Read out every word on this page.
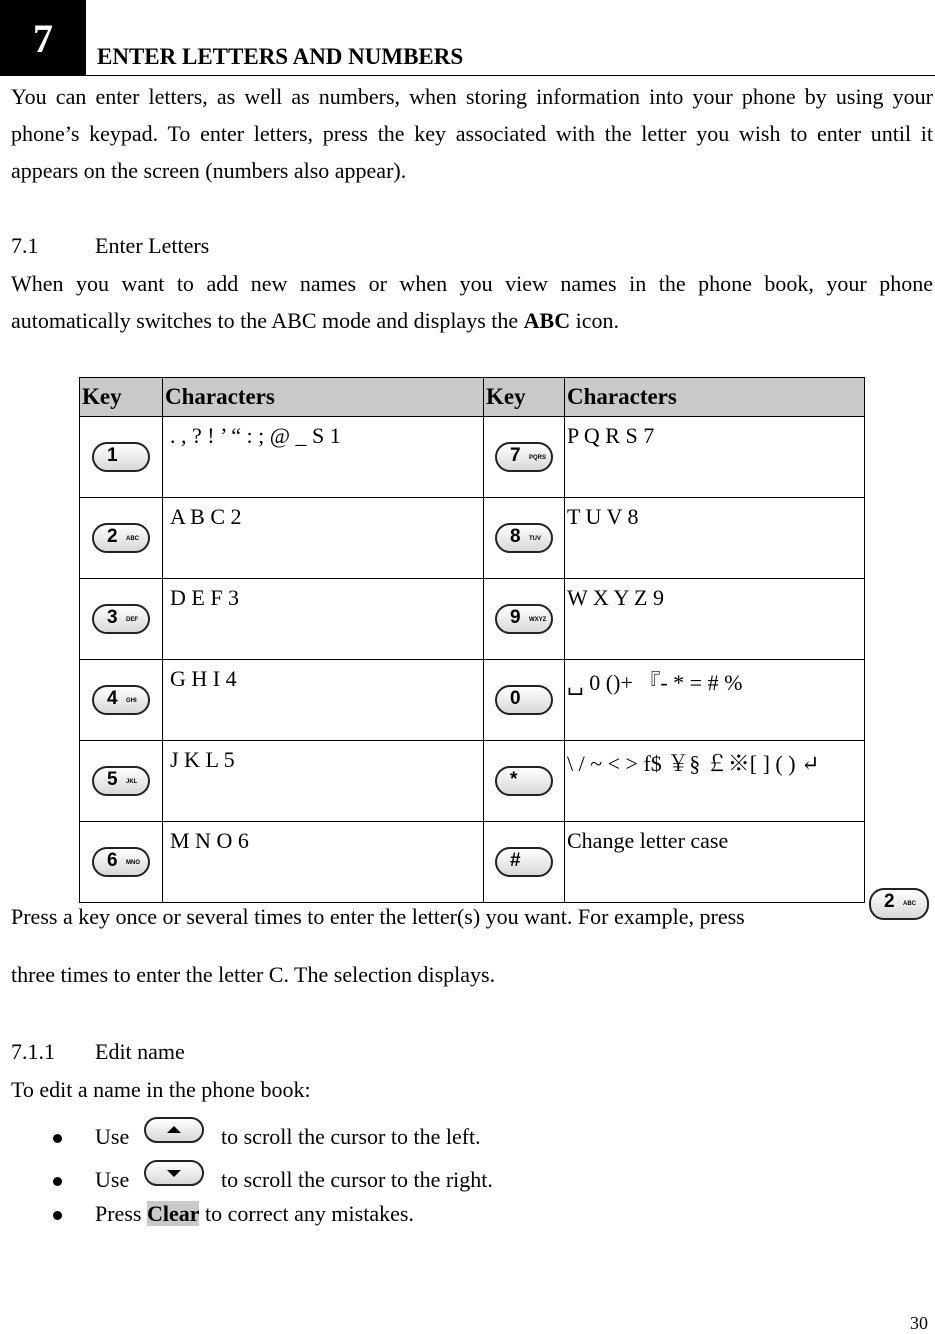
7	ENTER LETTERS AND NUMBERS
You can enter letters, as well as numbers, when storing information into your phone by using your phone’s keypad. To enter letters, press the key associated with the letter you wish to enter until it appears on the screen (numbers also appear).
7.1	Enter Letters
When you want to add new names or when you view names in the phone book, your phone automatically switches to the ABC mode and displays the ABC icon.
Key	Characters	Key	Characters

1	. , ? ! ’ “ : ; @ _ S 1	7 PQRS	P Q R S 7

2 ABC	A B C 2	8 TUV	T U V 8

3 DEF	D E F 3	9 WXYZ	W X Y Z 9

4 GHI	G H I 4	0	␣ 0 ()+ 『- * = # %

5 JKL	J K L 5	*	\ / ~ < > f$ ￥§ ￡※[ ] ( ) ↵

6 MNO	M N O 6	#	Change letter case
Press a key once or several times to enter the letter(s) you want. For example, press
2 ABC
three times to enter the letter C. The selection displays.
7.1.1 Edit name
To edit a name in the phone book:
Use	to scroll the cursor to the left.
Use	to scroll the cursor to the right.
Press Clear to correct any mistakes.
30
